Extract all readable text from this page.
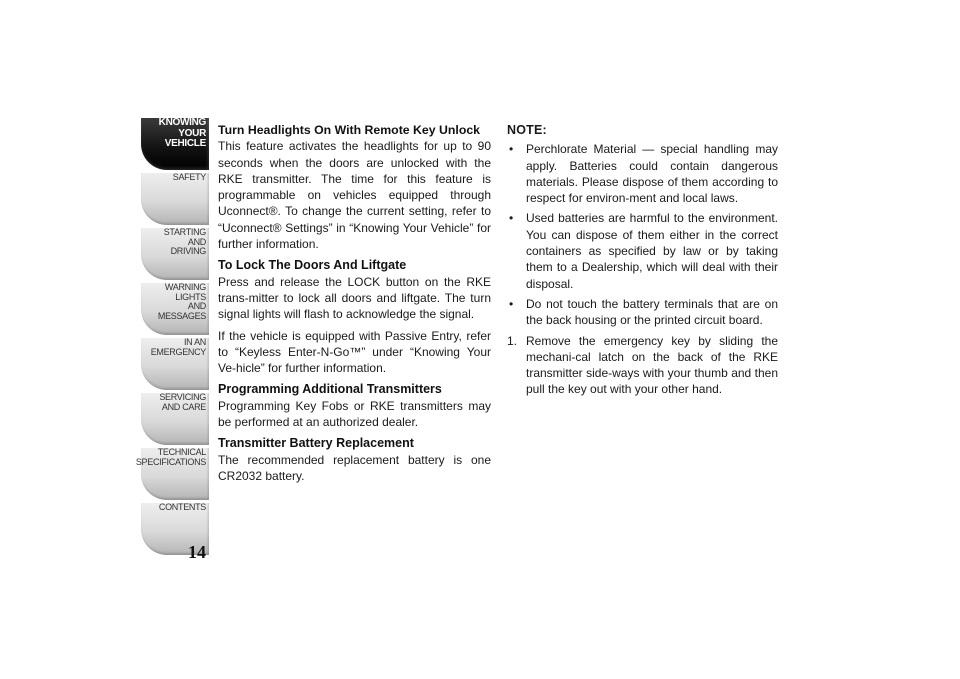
KNOWING
YOUR
VEHICLE
SAFETY
STARTING
AND
DRIVING
WARNING
LIGHTS
AND
MESSAGES
IN AN
EMERGENCY
SERVICING
AND CARE
TECHNICAL
SPECIFICATIONS
CONTENTS
14
Turn Headlights On With Remote Key Unlock

This feature activates the headlights for up to 90 seconds when the doors are unlocked with the RKE transmitter. The time for this feature is programmable on vehicles equipped through Uconnect®. To change the current setting, refer to “Uconnect® Settings” in “Knowing Your Vehicle” for further information.

To Lock The Doors And Liftgate

Press and release the LOCK button on the RKE trans-mitter to lock all doors and liftgate. The turn signal lights will flash to acknowledge the signal.

If the vehicle is equipped with Passive Entry, refer to “Keyless Enter-N-Go™” under “Knowing Your Ve-hicle” for further information.

Programming Additional Transmitters

Programming Key Fobs or RKE transmitters may be performed at an authorized dealer.

Transmitter Battery Replacement

The recommended replacement battery is one CR2032 battery.

NOTE:
• Perchlorate Material — special handling may apply. Batteries could contain dangerous materials. Please dispose of them according to respect for environ-ment and local laws.
• Used batteries are harmful to the environment. You can dispose of them either in the correct containers as specified by law or by taking them to a Dealership, which will deal with their disposal.
• Do not touch the battery terminals that are on the back housing or the printed circuit board.
1. Remove the emergency key by sliding the mechani-cal latch on the back of the RKE transmitter side-ways with your thumb and then pull the key out with your other hand.
